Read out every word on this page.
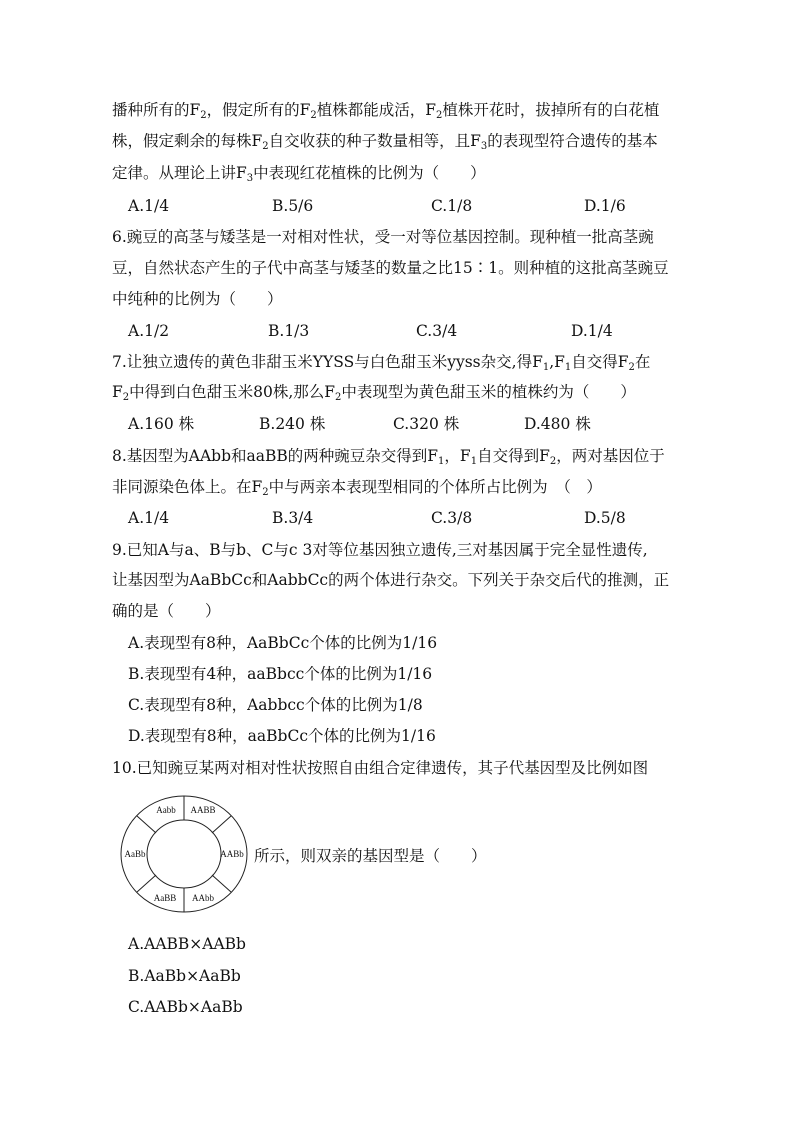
播种所有的$F_2$，假定所有的$F_2$植株都能成活，$F_2$植株开花时，拔掉所有的白花植
株，假定剩余的每株$F_2$自交收获的种子数量相等，且$F_3$的表现型符合遗传的基本
定律。从理论上讲$F_3$中表现红花植株的比例为（　　）
A.1/4	B.5/6	C.1/8	D.1/6
6.豌豆的高茎与矮茎是一对相对性状，受一对等位基因控制。现种植一批高茎豌
豆，自然状态产生的子代中高茎与矮茎的数量之比15∶1。则种植的这批高茎豌豆
中纯种的比例为（　　）
A.1/2	B.1/3	C.3/4	D.1/4
7.让独立遗传的黄色非甜玉米YYSS与白色甜玉米yyss杂交,得$F_1,F_1$自交得$F_2$在
$F_2$中得到白色甜玉米80株,那么$F_2$中表现型为黄色甜玉米的植株约为（　　）
A.160 株	B.240 株	C.320 株	D.480 株
8.基因型为AAbb和aaBB的两种豌豆杂交得到$F_1$，$F_1$自交得到$F_2$，两对基因位于
非同源染色体上。在$F_2$中与两亲本表现型相同的个体所占比例为　（　）
A.1/4	B.3/4	C.3/8	D.5/8
9.已知A与a、B与b、C与c 3对等位基因独立遗传,三对基因属于完全显性遗传,
让基因型为AaBbCc和AabbCc的两个体进行杂交。下列关于杂交后代的推测，正
确的是（　　）
A.表现型有8种，AaBbCc个体的比例为1/16
B.表现型有4种，aaBbcc个体的比例为1/16
C.表现型有8种，Aabbcc个体的比例为1/8
D.表现型有8种，aaBbCc个体的比例为1/16
10.已知豌豆某两对相对性状按照自由组合定律遗传，其子代基因型及比例如图
Aabb AABB
AaBb	AABb
AaBB AAbb
所示，则双亲的基因型是（　　）
A.AABB×AABb
B.AaBb×AaBb
C.AABb×AaBb
